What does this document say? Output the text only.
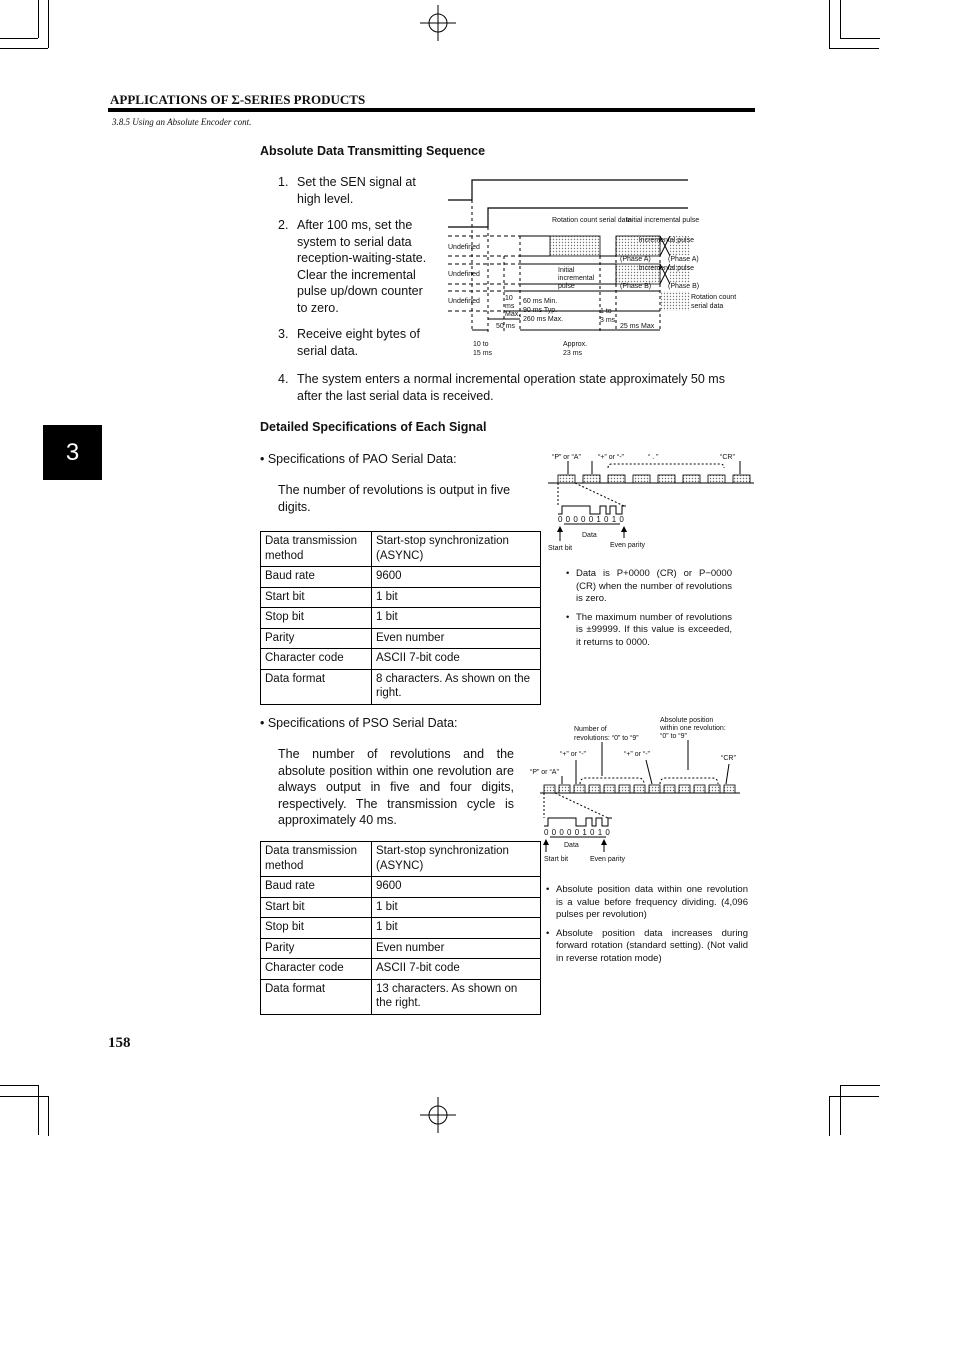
APPLICATIONS OF Σ-SERIES PRODUCTS
3.8.5 Using an Absolute Encoder cont.
3
Absolute Data Transmitting Sequence
1. Set the SEN signal at high level.
2. After 100 ms, set the system to serial data reception-waiting-state. Clear the incremental pulse up/down counter to zero.
3. Receive eight bytes of serial data.
4. The system enters a normal incremental operation state approximately 50 ms after the last serial data is received.
Undefined
Undefined
Undefined
Rotation count serial data
Initial incremental pulse
(Phase A) (Phase A)
(Phase B) (Phase B)
Incremental pulse
Incremental pulse
Initial
incremental
pulse
Rotation count
serial data
10
ms
Max.
60 ms Min.
90 ms Typ.
260 ms Max.
1 to
3 ms
50 ms	25 ms Max
10 to
15 ms
Approx.
23 ms
Detailed Specifications of Each Signal
• Specifications of PAO Serial Data:
The number of revolutions is output in five digits.
Data transmission method	Start-stop synchronization (ASYNC)
Baud rate	9600
Start bit	1 bit
Stop bit	1 bit
Parity	Even number
Character code	ASCII 7-bit code
Data format	8 characters. As shown on the right.
“P” or “A” “+” or “-”	“ . ”	“CR”
0 0 0 0 0 1 0 1 0
Data
Start bit	Even parity
• Data is P+0000 (CR) or P−0000 (CR) when the number of revolutions is zero.
• The maximum number of revolutions is ±99999. If this value is exceeded, it returns to 0000.
• Specifications of PSO Serial Data:
The number of revolutions and the absolute position within one revolution are always output in five and four digits, respectively. The transmission cycle is approximately 40 ms.
Data transmission method	Start-stop synchronization (ASYNC)
Baud rate	9600
Start bit	1 bit
Stop bit	1 bit
Parity	Even number
Character code	ASCII 7-bit code
Data format	13 characters. As shown on the right.
Number of
revolutions: “0” to “9”
Absolute position
within one revolution:
“0” to “9”
“+” or “-”	“+” or “-”
“P” or “A”
“CR”
0 0 0 0 0 1 0 1 0
Data
Start bit	Even parity
• Absolute position data within one revolution is a value before frequency dividing. (4,096 pulses per revolution)
• Absolute position data increases during forward rotation (standard setting). (Not valid in reverse rotation mode)
158
